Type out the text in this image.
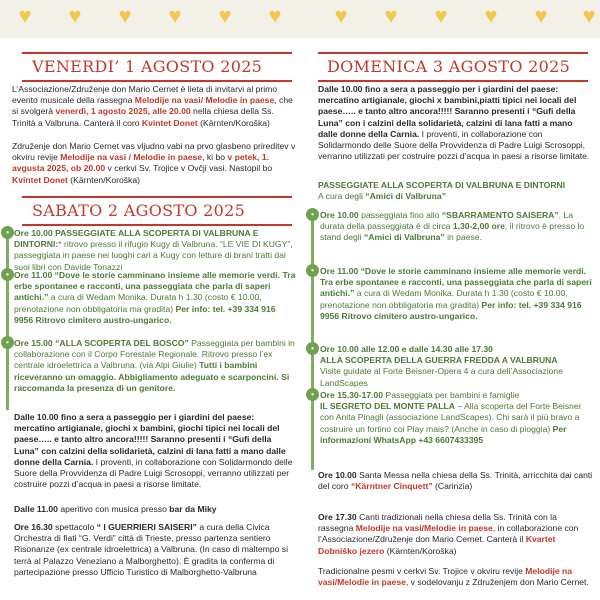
♥ ♥ ♥ ♥ ♥ ♥ ♥ ♥ ♥ ♥ ♥ ♥
VENERDI’ 1 AGOSTO 2025
L’Associazione/Združenje don Mario Cernet è lieta di invitarvi al primo evento musicale della rassegna Melodije na vasi/ Melodie in paese, che si svolgerà venerdì, 1 agosto 2025, alle 20.00 nella chiesa della Ss. Trinità a Valbruna. Canterà il coro Kvintet Donet (Kärnten/Koroška)
Združenje don Mario Cernet vas vljudno vabi na prvo glasbeno prireditev v okviru revije Melodije na vasi / Melodie in paese, ki bo v petek, 1. avgusta 2025, ob 20.00 v cerkvi Sv. Trojice v Ovčji vasi. Nastopil bo Kvintet Donet (Kärnten/Koroška)
SABATO 2 AGOSTO 2025
• Ore 10.00 PASSEGGIATE ALLA SCOPERTA DI VALBRUNA E DINTORNI:* ritrovo presso il rifugio Kugy di Valbruna. “LE VIE DI KUGY”, passeggiata in paese nei luoghi cari a Kugy con letture di brani tratti dai suoi libri con Davide Tonazzi
• Ore 11.00 “Dove le storie camminano insieme alle memorie verdi. Tra erbe spontanee e racconti, una passeggiata che parla di saperi antichi.” a cura di Wedam Monika. Durata h 1.30 (costo € 10.00, prenotazione non obbligatoria ma gradita) Per info: tel. +39 334 916 9956 Ritrovo cimitero austro-ungarico.
• Ore 15.00 “ALLA SCOPERTA DEL BOSCO” Passeggiata per bambini in collaborazione con il Corpo Forestale Regionale. Ritrovo presso l’ex centrale idroelettrica a Valbruna. (via Alpi Giulie) Tutti i bambini riceveranno un omaggio. Abbigliamento adeguato e scarponcini. Si raccomanda la presenza di un genitore.
Dalle 10.00 fino a sera a passeggio per i giardini del paese: mercatino artigianale, giochi x bambini, giochi tipici nei locali del paese….. e tanto altro ancora!!!!! Saranno presenti i “Gufi della Luna” con calzini della solidarietà, calzini di lana fatti a mano dalle donne della Carnia. I proventi, in collaborazione con Solidarmondo delle Suore della Provvidenza di Padre Luigi Scrosoppi, verranno utilizzati per costruire pozzi d’acqua in paesi a risorse limitate.
Dalle 11.00 aperitivo con musica presso bar da Miky
Ore 16.30 spettacolo “ I GUERRIERI SAISERI” a cura della Civica Orchestra di fiati “G. Verdi” città di Trieste, presso partenza sentiero Risonanze (ex centrale idroelettrica) a Valbruna. (In caso di maltempo si terrà al Palazzo Veneziano a Malborghetto). È gradita la conferma di partecipazione presso Ufficio Turistico di Malborghetto-Valbruna
DOMENICA 3 AGOSTO 2025
Dalle 10.00 fino a sera a passeggio per i giardini del paese: mercatino artigianale, giochi x bambini,piatti tipici nei locali del paese….. e tanto altro ancora!!!!! Saranno presenti i “Gufi della Luna” con i calzini della solidarietà, calzini di lana fatti a mano dalle donne della Carnia. I proventi, in collaborazione con Solidarmondo delle Suore della Provvidenza di Padre Luigi Scrosoppi, verranno utilizzati per costruire pozzi d’acqua in paesi a risorse limitate.
PASSEGGIATE ALLA SCOPERTA DI VALBRUNA E DINTORNI
A cura degli “Amici di Valbruna”
• Ore 10.00 passeggiata fino allo “SBARRAMENTO SAISERA”. La durata della passeggiata è di circa 1,30-2,00 ore, il ritrovo è presso lo stand degli “Amici di Valbruna” in paese.
• Ore 11.00 “Dove le storie camminano insieme alle memorie verdi. Tra erbe spontanee e racconti, una passeggiata che parla di saperi antichi.” a cura di Wedam Monika. Durata h 1.30 (costo € 10.00, prenotazione non obbligatoria ma gradita) Per info: tel. +39 334 916 9956 Ritrovo cimitero austro-ungarico.
• Ore 10.00 alle 12.00 e dalle 14.30 alle 17.30
ALLA SCOPERTA DELLA GUERRA FREDDA A VALBRUNA
Visite guidate al Forte Beisner-Opera 4 a cura dell’Associazione LandScapes
• Ore 15.30-17.00 Passeggiata per bambini e famiglie
IL SEGRETO DEL MONTE PALLA – Alla scoperta del Forte Beisner con Anita Pinagli (associazione LandScapes). Chi sarà il più bravo a costruire un fortino coi Play mais? (Anche in caso di pioggia) Per informazioni WhatsApp +43 6607433395
Ore 10.00 Santa Messa nella chiesa della Ss. Trinità, arricchita dai canti del coro “Kärntner Cinquett” (Carinzia)
Ore 17.30 Canti tradizionali nella chiesa della Ss. Trinità con la rassegna Melodije na vasi/Melodie in paese, in collaborazione con l’Associazione/Združenje don Mario Cernet. Canterà il Kvartet Dobniško jezero (Kärnten/Koroška)
Tradicionalne pesmi v cerkvi Sv. Trojice v okviru revije Melodije na vasi/Melodie in paese, v sodelovanju z Združenjem don Mario Cernet.
